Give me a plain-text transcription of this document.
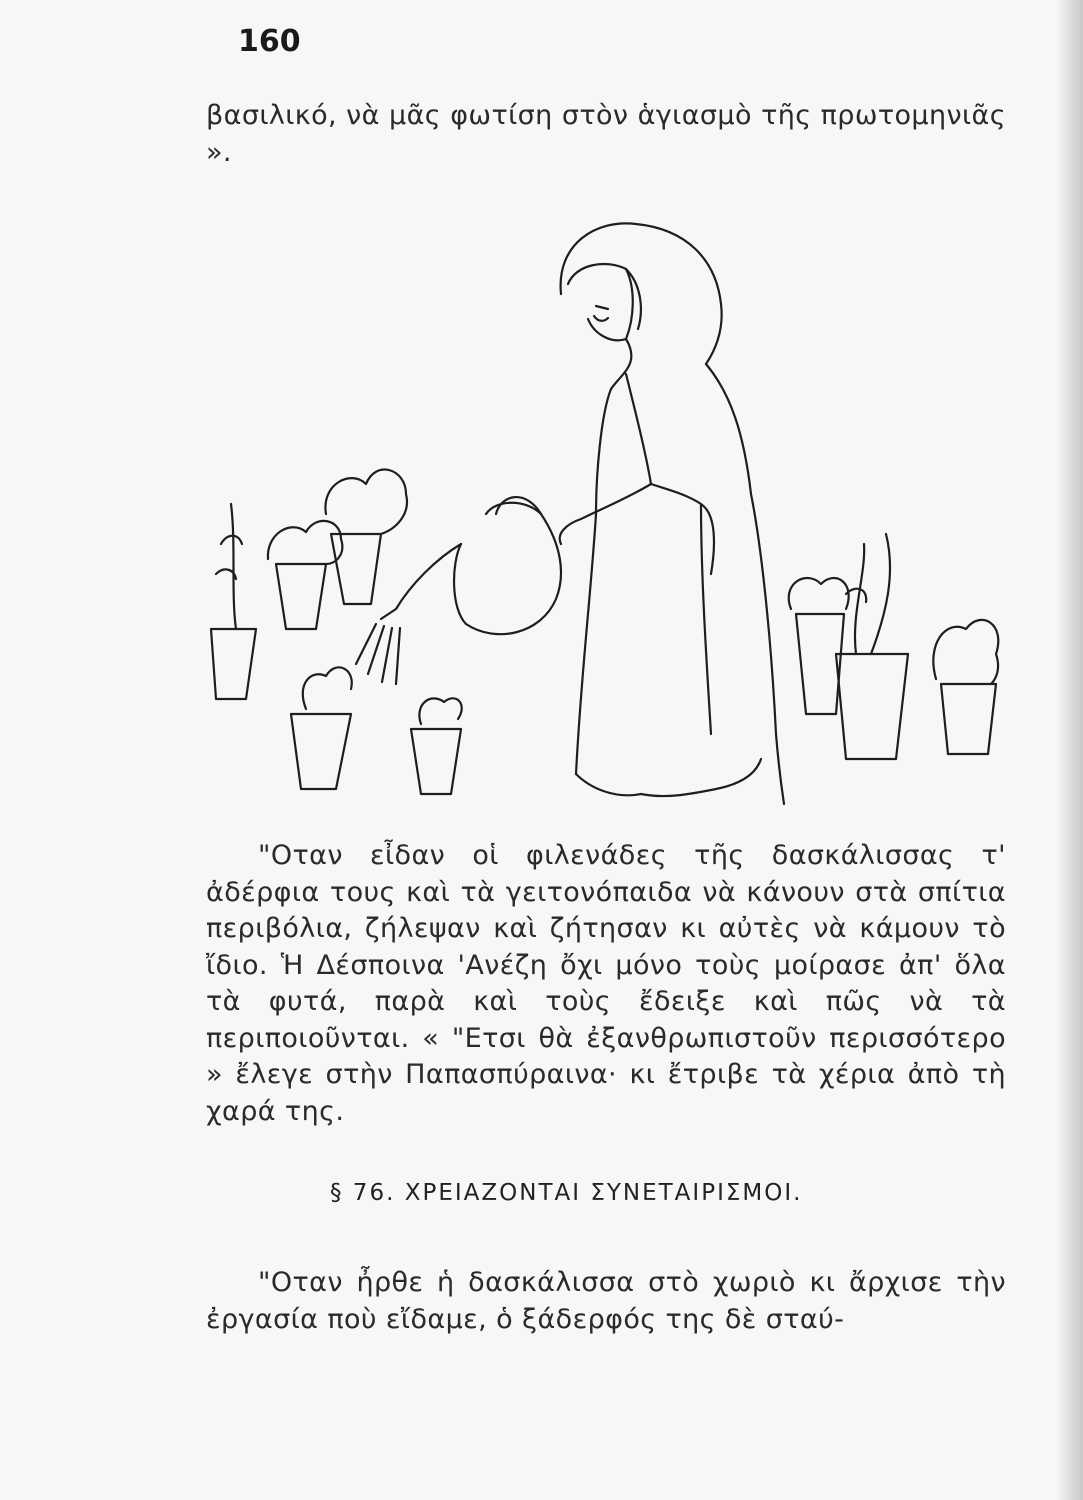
160
βασιλικό, νὰ μᾶς φωτίση στὸν ἁγιασμὸ τῆς πρωτομηνιᾶς ».
"Οταν εἶδαν οἱ φιλενάδες τῆς δασκάλισσας τ' ἀδέρφια τους καὶ τὰ γειτονόπαιδα νὰ κάνουν στὰ σπίτια περιβόλια, ζήλεψαν καὶ ζήτησαν κι αὐτὲς νὰ κάμουν τὸ ἴδιο. Ἡ Δέσποινα 'Ανέζη ὄχι μόνο τοὺς μοίρασε ἀπ' ὅλα τὰ φυτά, παρὰ καὶ τοὺς ἔδειξε καὶ πῶς νὰ τὰ περιποιοῦνται. « "Ετσι θὰ ἐξανθρωπιστοῦν περισσότερο » ἔλεγε στὴν Παπασπύραινα· κι ἔτριβε τὰ χέρια ἀπὸ τὴ χαρά της.
§ 76. ΧΡΕΙΑΖΟΝΤΑΙ ΣΥΝΕΤΑΙΡΙΣΜΟΙ.
"Οταν ἦρθε ἡ δασκάλισσα στὸ χωριὸ κι ἄρχισε τὴν ἐργασία ποὺ εἴδαμε, ὁ ξάδερφός της δὲ σταύ-
